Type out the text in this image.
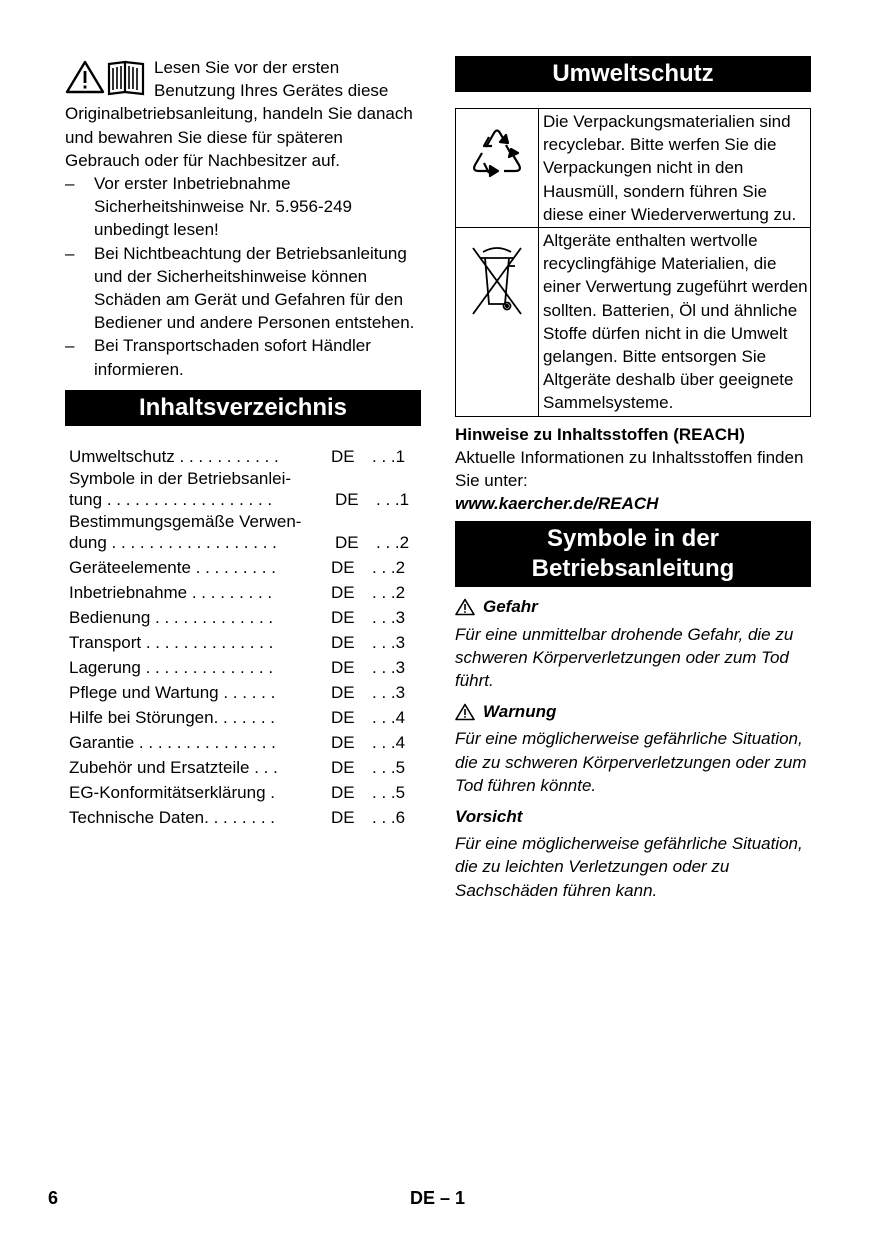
Lesen Sie vor der ersten Benutzung Ihres Gerätes diese Originalbetriebsanleitung, handeln Sie danach und bewahren Sie diese für späteren Gebrauch oder für Nachbesitzer auf.
– Vor erster Inbetriebnahme Sicherheitshinweise Nr. 5.956-249 unbedingt lesen!
– Bei Nichtbeachtung der Betriebsanleitung und der Sicherheitshinweise können Schäden am Gerät und Gefahren für den Bediener und andere Personen entstehen.
– Bei Transportschaden sofort Händler informieren.
Inhaltsverzeichnis
Umweltschutz . . . . . . . . . . .	DE . . .1
Symbole in der Betriebsanlei-
tung . . . . . . . . . . . . . . . . . .	DE . . .1
Bestimmungsgemäße Verwen-
dung . . . . . . . . . . . . . . . . . .	DE . . .2
Geräteelemente . . . . . . . . .	DE . . .2
Inbetriebnahme . . . . . . . . .	DE . . .2
Bedienung . . . . . . . . . . . . .	DE . . .3
Transport . . . . . . . . . . . . . .	DE . . .3
Lagerung . . . . . . . . . . . . . .	DE . . .3
Pflege und Wartung . . . . . .	DE . . .3
Hilfe bei Störungen. . . . . . .	DE . . .4
Garantie . . . . . . . . . . . . . . .	DE . . .4
Zubehör und Ersatzteile . . .	DE . . .5
EG-Konformitätserklärung .	DE . . .5
Technische Daten. . . . . . . .	DE . . .6
Umweltschutz
	Die Verpackungsmaterialien sind recyclebar. Bitte werfen Sie die Verpackungen nicht in den Hausmüll, sondern führen Sie diese einer Wiederverwertung zu.
	Altgeräte enthalten wertvolle recyclingfähige Materialien, die einer Verwertung zugeführt werden sollten. Batterien, Öl und ähnliche Stoffe dürfen nicht in die Umwelt gelangen. Bitte entsorgen Sie Altgeräte deshalb über geeignete Sammelsysteme.
Hinweise zu Inhaltsstoffen (REACH)
Aktuelle Informationen zu Inhaltsstoffen finden Sie unter:
www.kaercher.de/REACH
Symbole in der Betriebsanleitung
Gefahr

Für eine unmittelbar drohende Gefahr, die zu schweren Körperverletzungen oder zum Tod führt.

Warnung

Für eine möglicherweise gefährliche Situation, die zu schweren Körperverletzungen oder zum Tod führen könnte.

Vorsicht

Für eine möglicherweise gefährliche Situation, die zu leichten Verletzungen oder zu Sachschäden führen kann.

6	DE – 1
